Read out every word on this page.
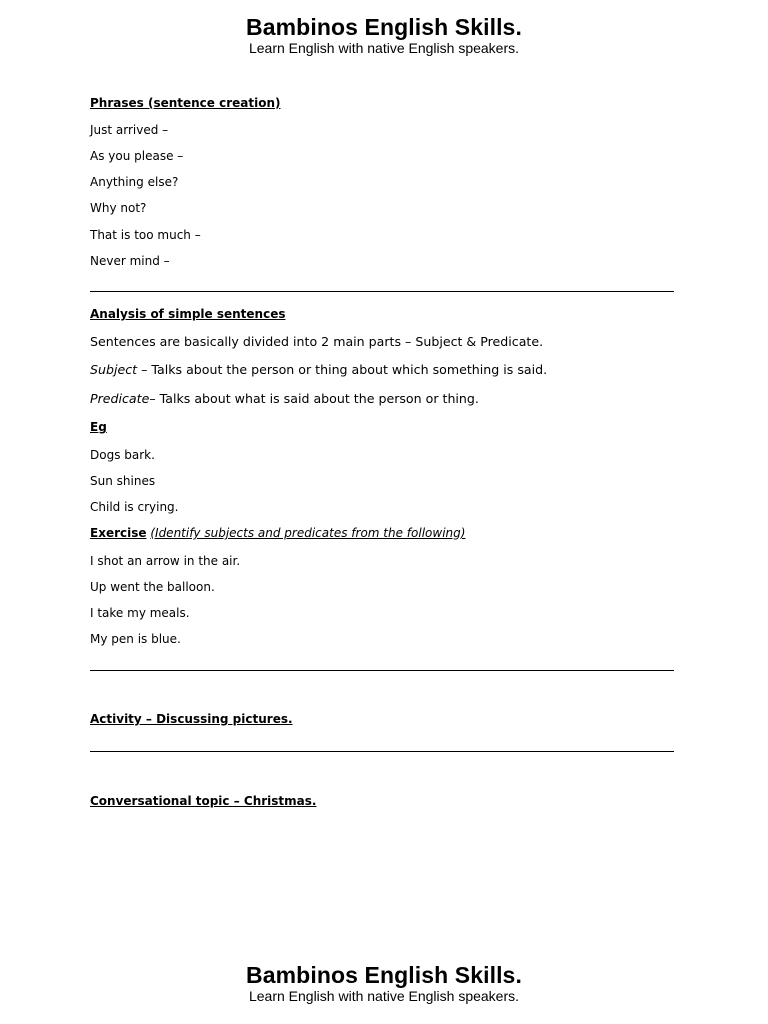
Bambinos English Skills.
Learn English with native English speakers.
Phrases (sentence creation)
Just arrived –
As you please –
Anything else?
Why not?
That is too much –
Never mind –
Analysis of simple sentences
Sentences are basically divided into 2 main parts – Subject & Predicate.
Subject – Talks about the person or thing about which something is said.
Predicate– Talks about what is said about the person or thing.
Eg
Dogs bark.
Sun shines
Child is crying.
Exercise (Identify subjects and predicates from the following)
I shot an arrow in the air.
Up went the balloon.
I take my meals.
My pen is blue.
Activity – Discussing pictures.
Conversational topic – Christmas.
Bambinos English Skills.
Learn English with native English speakers.
